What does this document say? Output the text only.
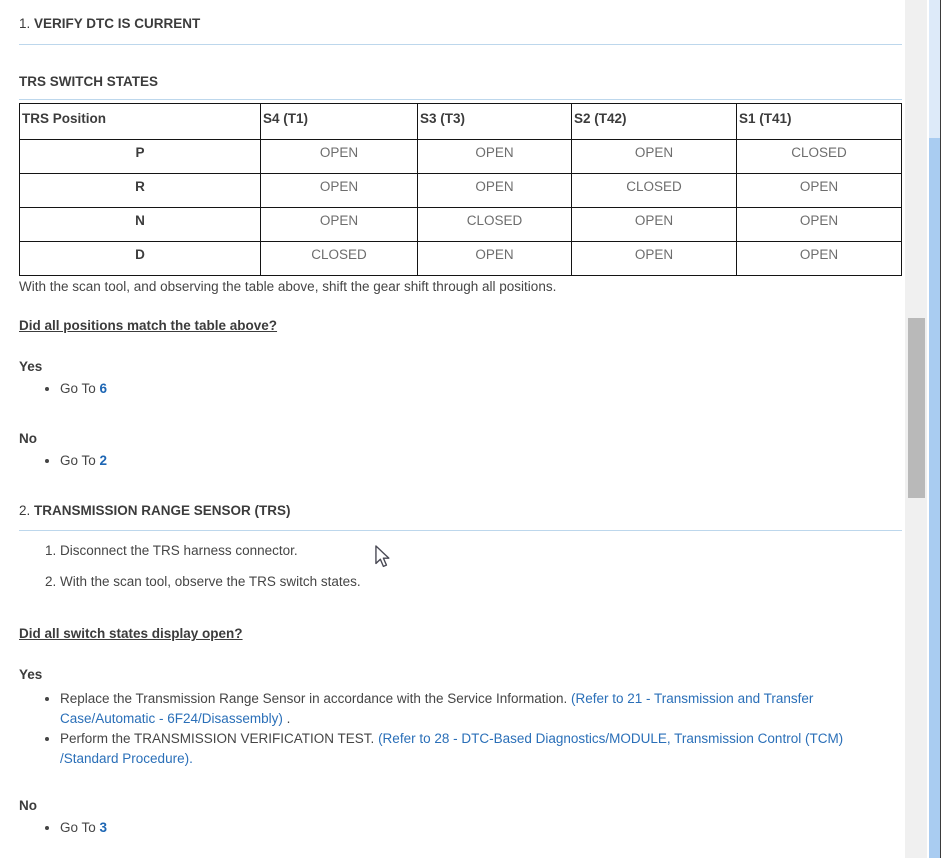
1. VERIFY DTC IS CURRENT
TRS SWITCH STATES
TRS Position	S4 (T1)	S3 (T3)	S2 (T42)	S1 (T41)
P	OPEN	OPEN	OPEN	CLOSED
R	OPEN	OPEN	CLOSED	OPEN
N	OPEN	CLOSED	OPEN	OPEN
D	CLOSED	OPEN	OPEN	OPEN
With the scan tool, and observing the table above, shift the gear shift through all positions.
Did all positions match the table above?
Yes
• Go To 6
No
• Go To 2
2. TRANSMISSION RANGE SENSOR (TRS)
1. Disconnect the TRS harness connector.
2. With the scan tool, observe the TRS switch states.
Did all switch states display open?
Yes
• Replace the Transmission Range Sensor in accordance with the Service Information. (Refer to 21 - Transmission and Transfer Case/Automatic - 6F24/Disassembly) .
• Perform the TRANSMISSION VERIFICATION TEST. (Refer to 28 - DTC-Based Diagnostics/MODULE, Transmission Control (TCM) /Standard Procedure).
No
• Go To 3
